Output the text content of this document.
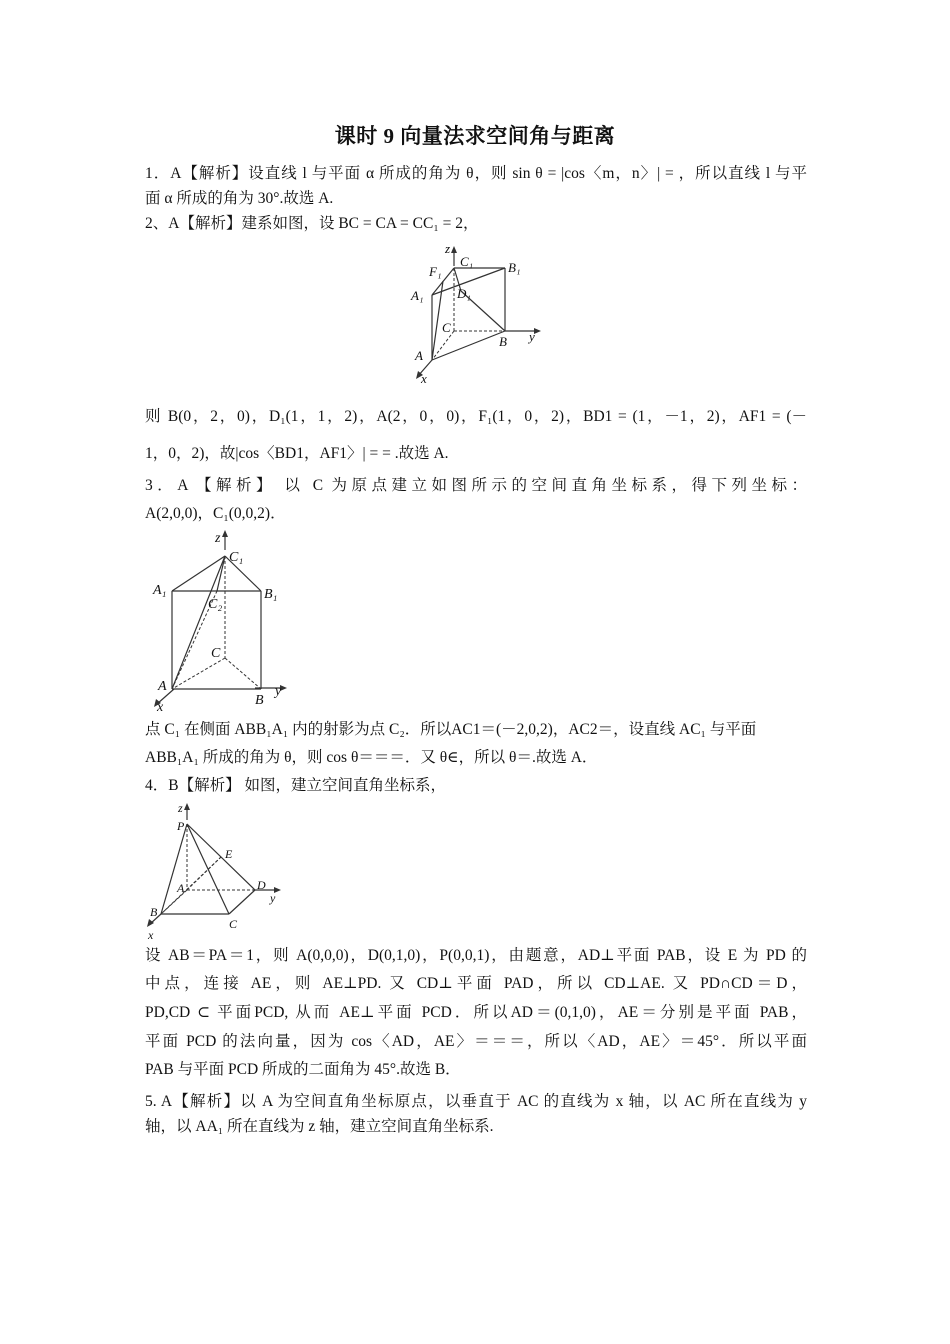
课时 9 向量法求空间角与距离
1．A【解析】设直线 l 与平面 α 所成的角为 θ，则 sin θ = |cos〈m，n〉| = ，所以直线 l 与平
面 α 所成的角为 30°.故选 A.
2、A【解析】建系如图，设 BC = CA = CC₁ = 2，
z
C₁	B₁
F₁
A₁	D₁
C
B y
A
x
则 B(0，2，0)，D₁(1，1，2)，A(2，0，0)，F₁(1，0，2)，BD1 = (1，－1，2)，AF1 = (－
1，0，2)，故|cos〈BD1，AF1〉| = = .故选 A.
3．A 【解析】 以 C 为原点建立如图所示的空间直角坐标系，得下列坐标：
A(2,0,0)，C₁(0,0,2)．
z
C₁
A₁	B₁
C₂
C
A
B
y
x
点 C₁ 在侧面 ABB₁A₁ 内的射影为点 C₂．所以AC1＝(－2,0,2)，AC2＝，设直线 AC₁ 与平面
ABB₁A₁ 所成的角为 θ，则 cos θ＝＝＝．又 θ∈，所以 θ＝.故选 A．
4．B【解析】 如图，建立空间直角坐标系，
z
P
E
A	D
y
B
C
x
设 AB＝PA＝1，则 A(0,0,0)，D(0,1,0)，P(0,0,1)，由题意，AD⊥平面 PAB，设 E 为 PD 的
中点，连接 AE，则 AE⊥PD. 又 CD⊥平面 PAD，所以 CD⊥AE. 又 PD∩CD＝D，
PD,CD ⊂ 平面PCD, 从而 AE⊥平面 PCD．所以AD＝(0,1,0)，AE＝分别是平面 PAB，
平面 PCD 的法向量，因为 cos〈AD，AE〉＝＝＝，所以〈AD，AE〉＝45°．所以平面
PAB 与平面 PCD 所成的二面角为 45°.故选 B．
5. A【解析】以 A 为空间直角坐标原点，以垂直于 AC 的直线为 x 轴，以 AC 所在直线为 y
轴，以 AA₁ 所在直线为 z 轴，建立空间直角坐标系.
